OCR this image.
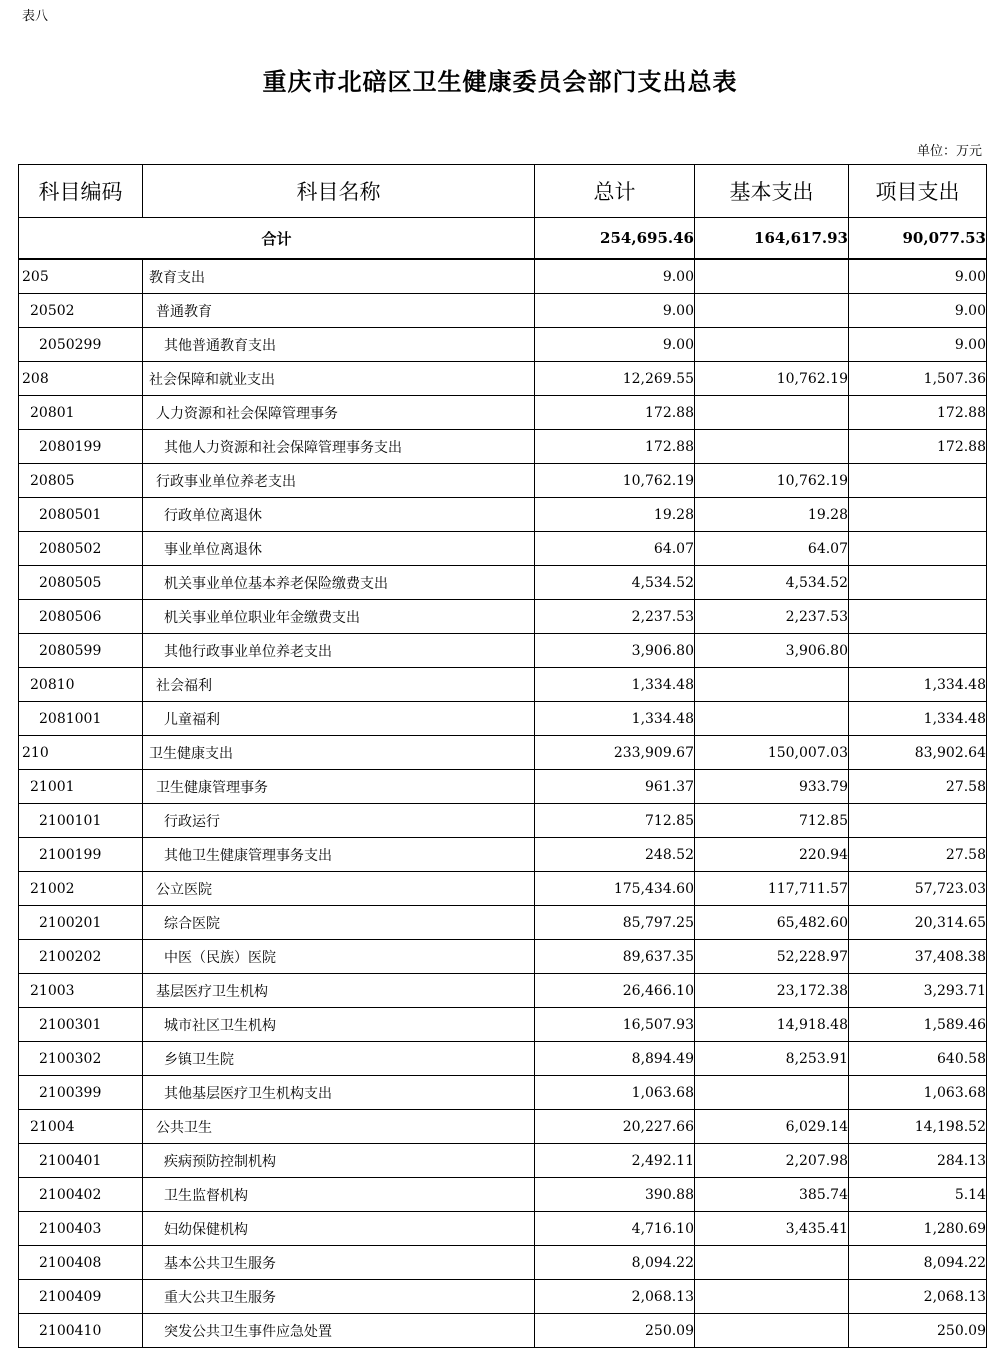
表八
重庆市北碚区卫生健康委员会部门支出总表
单位：万元
科目编码	科目名称	总计	基本支出	项目支出
合计		254,695.46	164,617.93	90,077.53
205	教育支出	9.00		9.00
20502	普通教育	9.00		9.00
2050299	其他普通教育支出	9.00		9.00
208	社会保障和就业支出	12,269.55	10,762.19	1,507.36
20801	人力资源和社会保障管理事务	172.88		172.88
2080199	其他人力资源和社会保障管理事务支出	172.88		172.88
20805	行政事业单位养老支出	10,762.19	10,762.19	
2080501	行政单位离退休	19.28	19.28	
2080502	事业单位离退休	64.07	64.07	
2080505	机关事业单位基本养老保险缴费支出	4,534.52	4,534.52	
2080506	机关事业单位职业年金缴费支出	2,237.53	2,237.53	
2080599	其他行政事业单位养老支出	3,906.80	3,906.80	
20810	社会福利	1,334.48		1,334.48
2081001	儿童福利	1,334.48		1,334.48
210	卫生健康支出	233,909.67	150,007.03	83,902.64
21001	卫生健康管理事务	961.37	933.79	27.58
2100101	行政运行	712.85	712.85	
2100199	其他卫生健康管理事务支出	248.52	220.94	27.58
21002	公立医院	175,434.60	117,711.57	57,723.03
2100201	综合医院	85,797.25	65,482.60	20,314.65
2100202	中医（民族）医院	89,637.35	52,228.97	37,408.38
21003	基层医疗卫生机构	26,466.10	23,172.38	3,293.71
2100301	城市社区卫生机构	16,507.93	14,918.48	1,589.46
2100302	乡镇卫生院	8,894.49	8,253.91	640.58
2100399	其他基层医疗卫生机构支出	1,063.68		1,063.68
21004	公共卫生	20,227.66	6,029.14	14,198.52
2100401	疾病预防控制机构	2,492.11	2,207.98	284.13
2100402	卫生监督机构	390.88	385.74	5.14
2100403	妇幼保健机构	4,716.10	3,435.41	1,280.69
2100408	基本公共卫生服务	8,094.22		8,094.22
2100409	重大公共卫生服务	2,068.13		2,068.13
2100410	突发公共卫生事件应急处置	250.09		250.09
